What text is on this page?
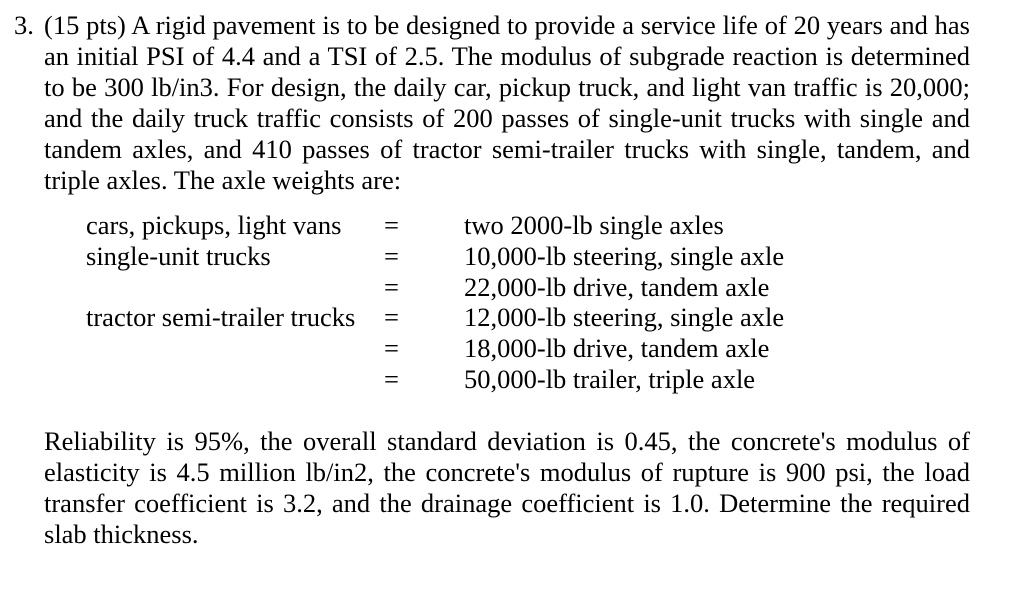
3. (15 pts) A rigid pavement is to be designed to provide a service life of 20 years and has an initial PSI of 4.4 and a TSI of 2.5. The modulus of subgrade reaction is determined to be 300 lb/in3. For design, the daily car, pickup truck, and light van traffic is 20,000; and the daily truck traffic consists of 200 passes of single-unit trucks with single and tandem axles, and 410 passes of tractor semi-trailer trucks with single, tandem, and triple axles. The axle weights are:

cars, pickups, light vans = two 2000-lb single axles
single-unit trucks	= 10,000-lb steering, single axle
= 22,000-lb drive, tandem axle
tractor semi-trailer trucks = 12,000-lb steering, single axle
= 18,000-lb drive, tandem axle
= 50,000-lb trailer, triple axle

Reliability is 95%, the overall standard deviation is 0.45, the concrete's modulus of elasticity is 4.5 million lb/in2, the concrete's modulus of rupture is 900 psi, the load transfer coefficient is 3.2, and the drainage coefficient is 1.0. Determine the required slab thickness.
